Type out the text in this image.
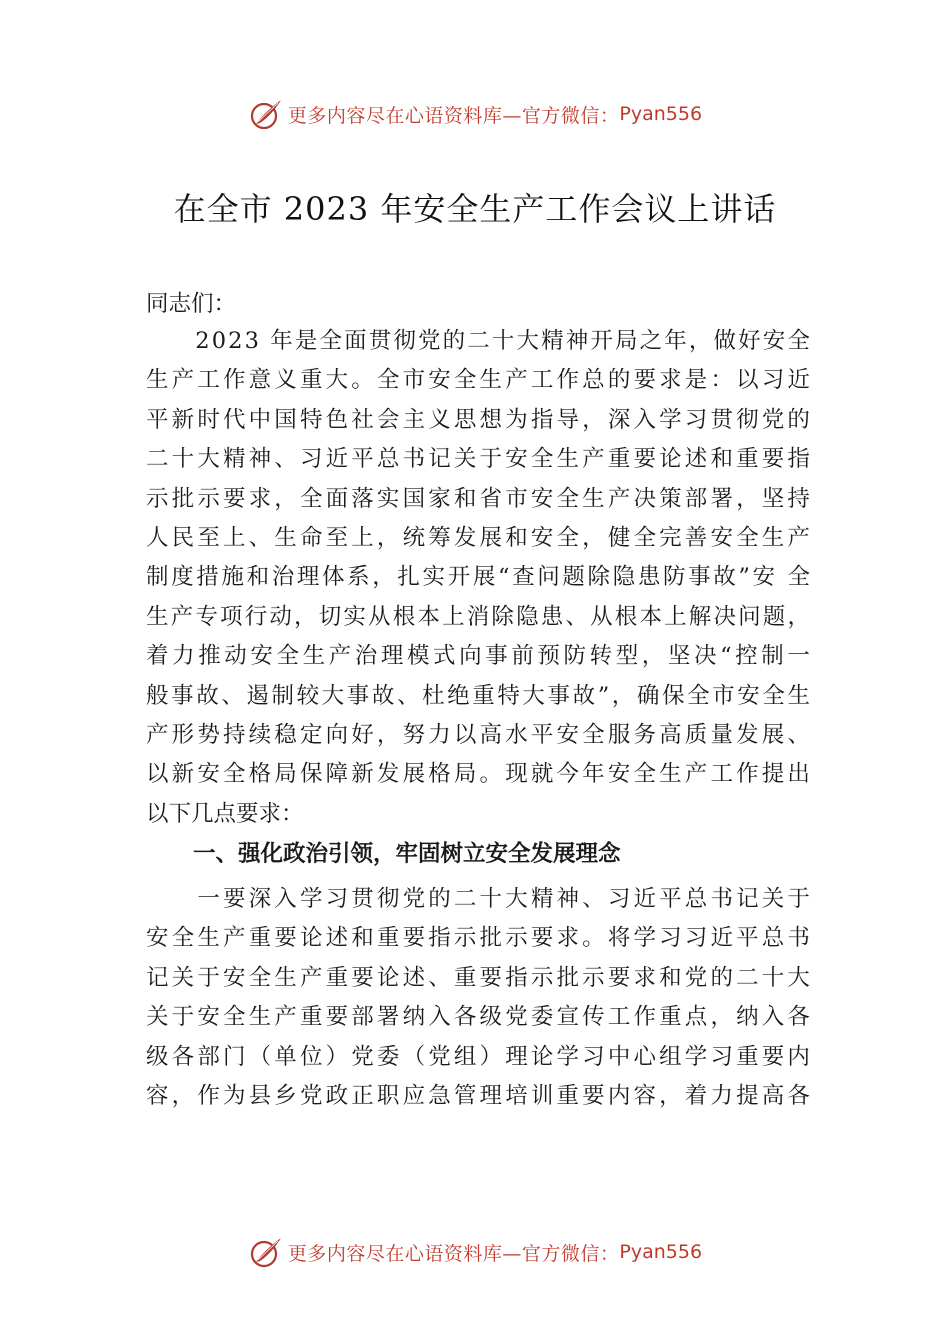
更多内容尽在心语资料库—官方微信： Pyan556
在全市 2023 年安全生产工作会议上讲话
同志们：

2 0 2 3
年 是 全 面 贯 彻 党 的 二 十 大 精 神 开 局 之 年 ， 做 好 安 全
生 产 工 作 意 义 重 大 。 全 市 安 全 生 产 工 作 总 的 要 求 是 ： 以 习 近
平 新 时 代 中 国 特 色 社 会 主 义 思 想 为 指 导 ， 深 入 学 习 贯 彻 党 的
二 十 大 精 神 、 习 近 平 总 书 记 关 于 安 全 生 产 重 要 论 述 和 重 要 指
示 批 示 要 求 ， 全 面 落 实 国 家 和 省 市 安 全 生 产 决 策 部 署 ， 坚 持
人 民 至 上 、 生 命 至 上 ， 统 筹 发 展 和 安 全 ， 健 全 完 善 安 全 生 产
制 度 措 施 和 治 理 体 系 ， 扎 实 开 展 “ 查 问 题 除 隐 患 防 事 故 ” 安
全
生 产 专 项 行 动 ， 切 实 从 根 本 上 消 除 隐 患 、 从 根 本 上 解 决 问 题 ，
着 力 推 动 安 全 生 产 治 理 模 式 向 事 前 预 防 转 型 ， 坚 决 “ 控 制 一
般 事 故 、 遏 制 较 大 事 故 、 杜 绝 重 特 大 事 故 ” ， 确 保 全 市 安 全 生
产 形 势 持 续 稳 定 向 好 ， 努 力 以 高 水 平 安 全 服 务 高 质 量 发 展 、
以 新 安 全 格 局 保 障 新 发 展 格 局 。 现 就 今 年 安 全 生 产 工 作 提 出
以下几点要求：
一、强化政治引领，牢固树立安全发展理念

一 要 深 入 学 习 贯 彻 党 的 二 十 大 精 神 、 习 近 平 总 书 记 关 于
安 全 生 产 重 要 论 述 和 重 要 指 示 批 示 要 求 。 将 学 习 习 近 平 总 书
记 关 于 安 全 生 产 重 要 论 述 、 重 要 指 示 批 示 要 求 和 党 的 二 十 大
关 于 安 全 生 产 重 要 部 署 纳 入 各 级 党 委 宣 传 工 作 重 点 ， 纳 入 各
级 各 部 门 （ 单 位 ） 党 委 （ 党 组 ） 理 论 学 习 中 心 组 学 习 重 要 内
容 ， 作 为 县 乡 党 政 正 职 应 急 管 理 培 训 重 要 内 容 ， 着 力 提 高 各
更多内容尽在心语资料库—官方微信： Pyan556
